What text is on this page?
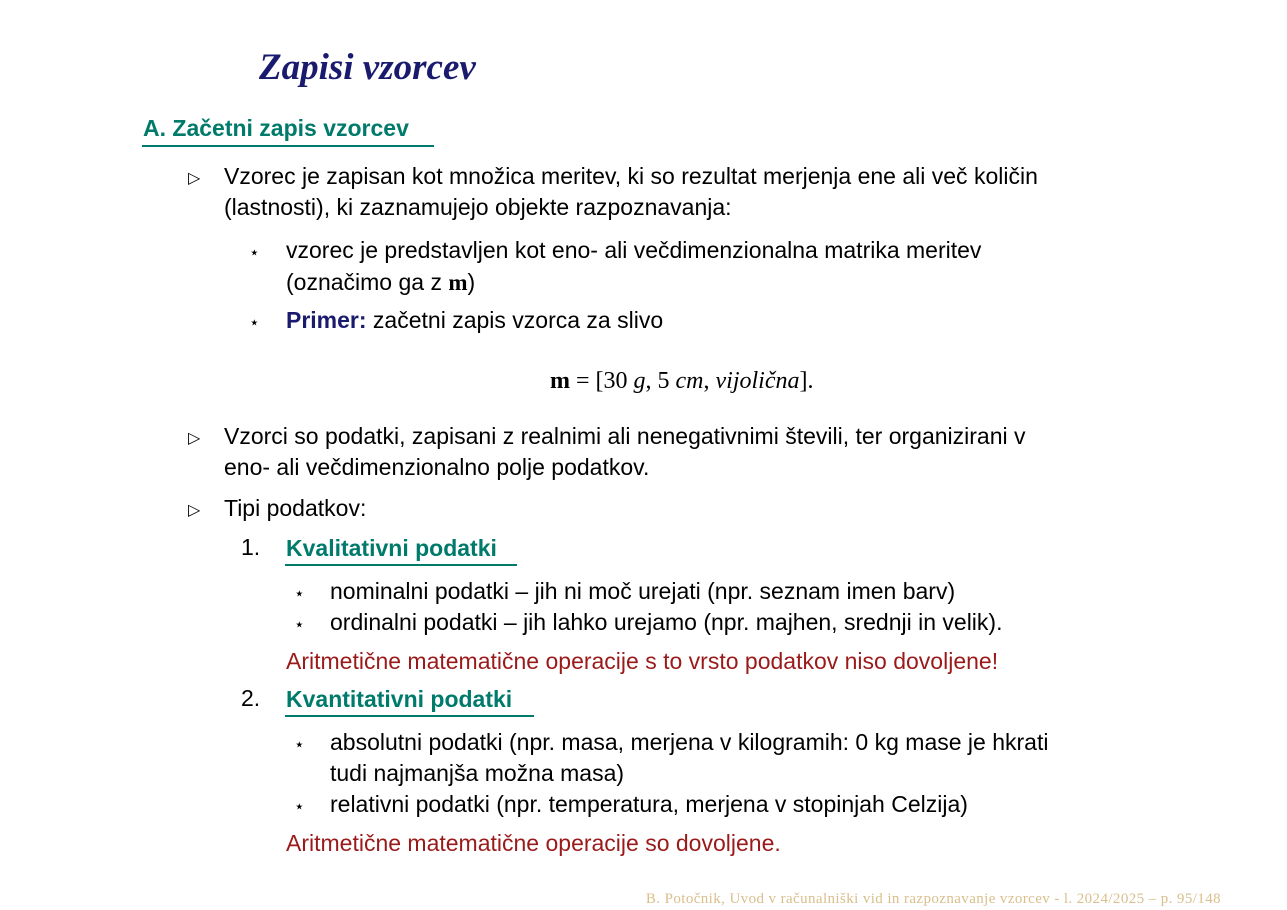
Zapisi vzorcev
A. Začetni zapis vzorcev
▷ Vzorec je zapisan kot množica meritev, ki so rezultat merjenja ene ali več količin
(lastnosti), ki zaznamujejo objekte razpoznavanja:
⋆ vzorec je predstavljen kot eno- ali večdimenzionalna matrika meritev
(označimo ga z m)
⋆ Primer: začetni zapis vzorca za slivo
m = [30 g, 5 cm, vijolična].
▷ Vzorci so podatki, zapisani z realnimi ali nenegativnimi števili, ter organizirani v
eno- ali večdimenzionalno polje podatkov.
▷ Tipi podatkov:
1. Kvalitativni podatki
⋆ nominalni podatki – jih ni moč urejati (npr. seznam imen barv)
⋆ ordinalni podatki – jih lahko urejamo (npr. majhen, srednji in velik).
Aritmetične matematične operacije s to vrsto podatkov niso dovoljene!
2. Kvantitativni podatki
⋆ absolutni podatki (npr. masa, merjena v kilogramih: 0 kg mase je hkrati
tudi najmanjša možna masa)
⋆ relativni podatki (npr. temperatura, merjena v stopinjah Celzija)
Aritmetične matematične operacije so dovoljene.
B. Potočnik, Uvod v računalniški vid in razpoznavanje vzorcev - l. 2024/2025 – p. 95/148
